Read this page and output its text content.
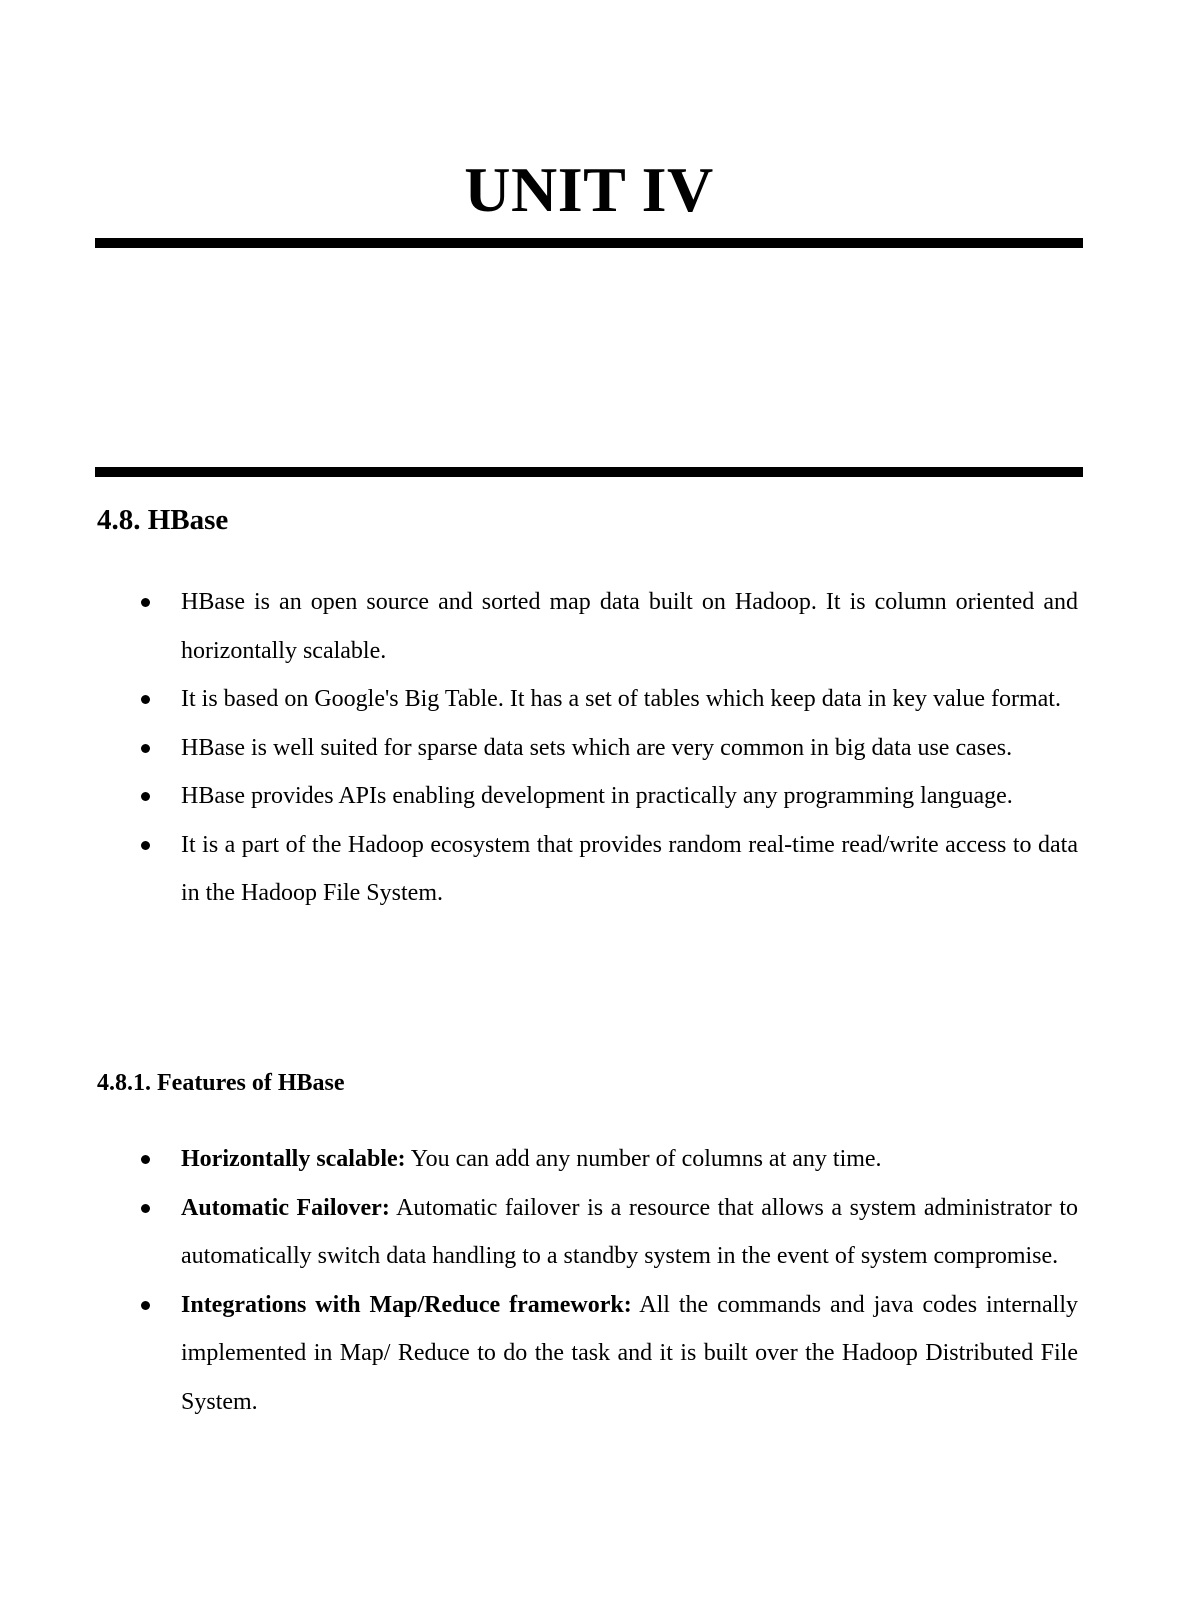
UNIT IV
4.8. HBase
HBase is an open source and sorted map data built on Hadoop. It is column oriented and horizontally scalable.
It is based on Google's Big Table. It has a set of tables which keep data in key value format.
HBase is well suited for sparse data sets which are very common in big data use cases.
HBase provides APIs enabling development in practically any programming language.
It is a part of the Hadoop ecosystem that provides random real-time read/write access to data in the Hadoop File System.
4.8.1. Features of HBase
Horizontally scalable: You can add any number of columns at any time.
Automatic Failover: Automatic failover is a resource that allows a system administrator to automatically switch data handling to a standby system in the event of system compromise.
Integrations with Map/Reduce framework: All the commands and java codes internally implemented in Map/ Reduce to do the task and it is built over the Hadoop Distributed File System.
